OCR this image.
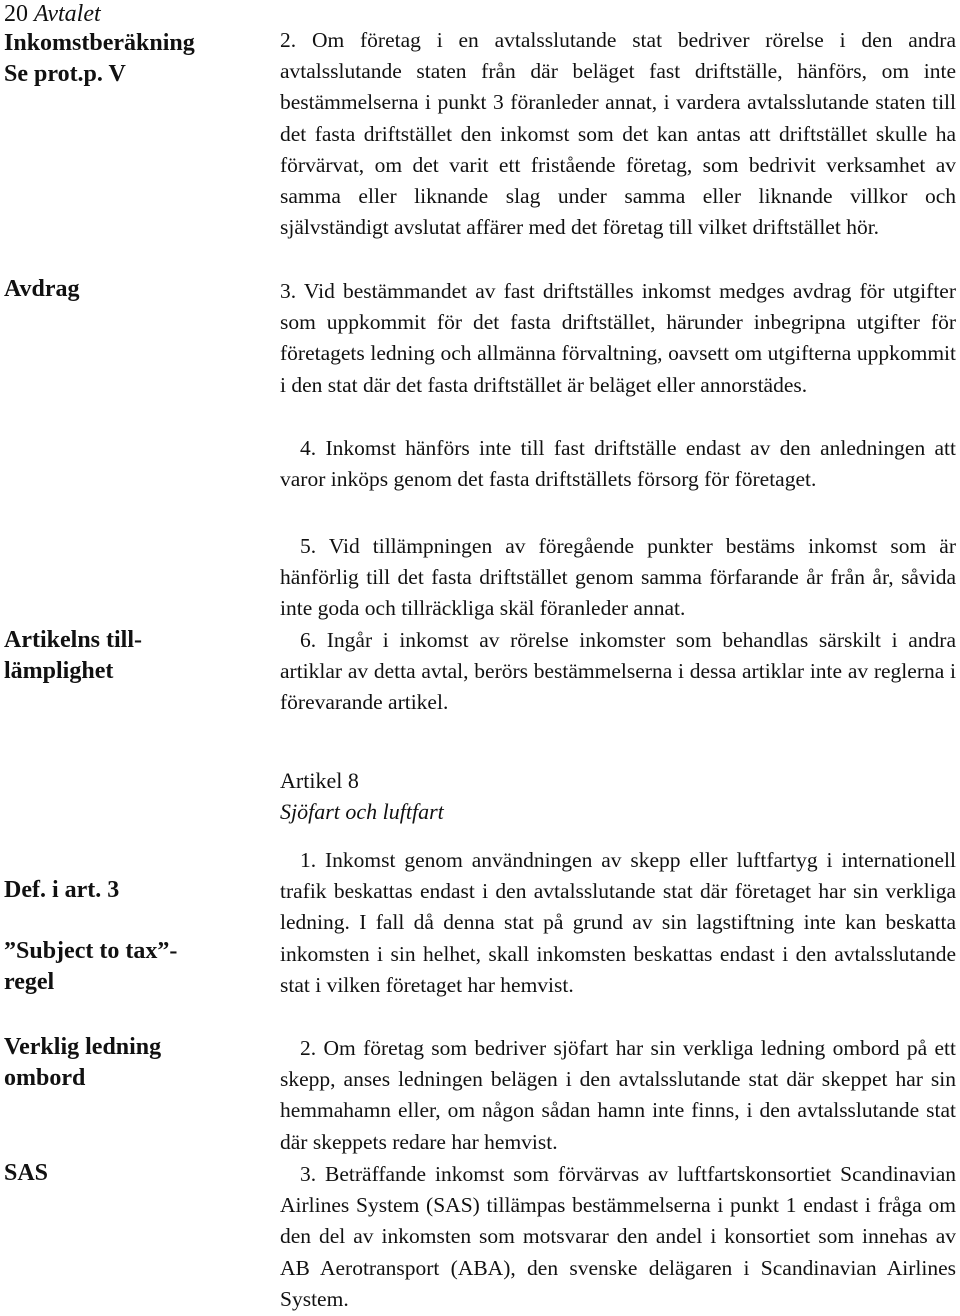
20 Avtalet
Inkomstberäkning
Se prot.p. V
Avdrag
Artikelns till-
lämplighet
Def. i art. 3
”Subject to tax”-
regel
Verklig ledning
ombord
SAS

2. Om företag i en avtalsslutande stat bedriver rörelse i den andra avtalsslutande staten från där beläget fast driftställe, hänförs, om inte bestämmelserna i punkt 3 föranleder annat, i vardera avtalsslutande staten till det fasta driftstället den inkomst som det kan antas att driftstället skulle ha förvärvat, om det varit ett fristående företag, som bedrivit verksamhet av samma eller liknande slag under samma eller liknande villkor och självständigt avslutat affärer med det företag till vilket driftstället hör.

3. Vid bestämmandet av fast driftställes inkomst medges avdrag för utgifter som uppkommit för det fasta driftstället, härunder inbegripna utgifter för företagets ledning och allmänna förvaltning, oavsett om utgifterna uppkommit i den stat där det fasta driftstället är beläget eller annorstädes.

4. Inkomst hänförs inte till fast driftställe endast av den anledningen att varor inköps genom det fasta driftställets försorg för företaget.

5. Vid tillämpningen av föregående punkter bestäms inkomst som är hänförlig till det fasta driftstället genom samma förfarande år från år, såvida inte goda och tillräckliga skäl föranleder annat.

6. Ingår i inkomst av rörelse inkomster som behandlas särskilt i andra artiklar av detta avtal, berörs bestämmelserna i dessa artiklar inte av reglerna i förevarande artikel.

Artikel 8
Sjöfart och luftfart

1. Inkomst genom användningen av skepp eller luftfartyg i internationell trafik beskattas endast i den avtalsslutande stat där företaget har sin verkliga ledning. I fall då denna stat på grund av sin lagstiftning inte kan beskatta inkomsten i sin helhet, skall inkomsten beskattas endast i den avtalsslutande stat i vilken företaget har hemvist.

2. Om företag som bedriver sjöfart har sin verkliga ledning ombord på ett skepp, anses ledningen belägen i den avtalsslutande stat där skeppet har sin hemmahamn eller, om någon sådan hamn inte finns, i den avtalsslutande stat där skeppets redare har hemvist.

3. Beträffande inkomst som förvärvas av luftfartskonsortiet Scandinavian Airlines System (SAS) tillämpas bestämmelserna i punkt 1 endast i fråga om den del av inkomsten som motsvarar den andel i konsortiet som innehas av AB Aerotransport (ABA), den svenske delägaren i Scandinavian Airlines System.
